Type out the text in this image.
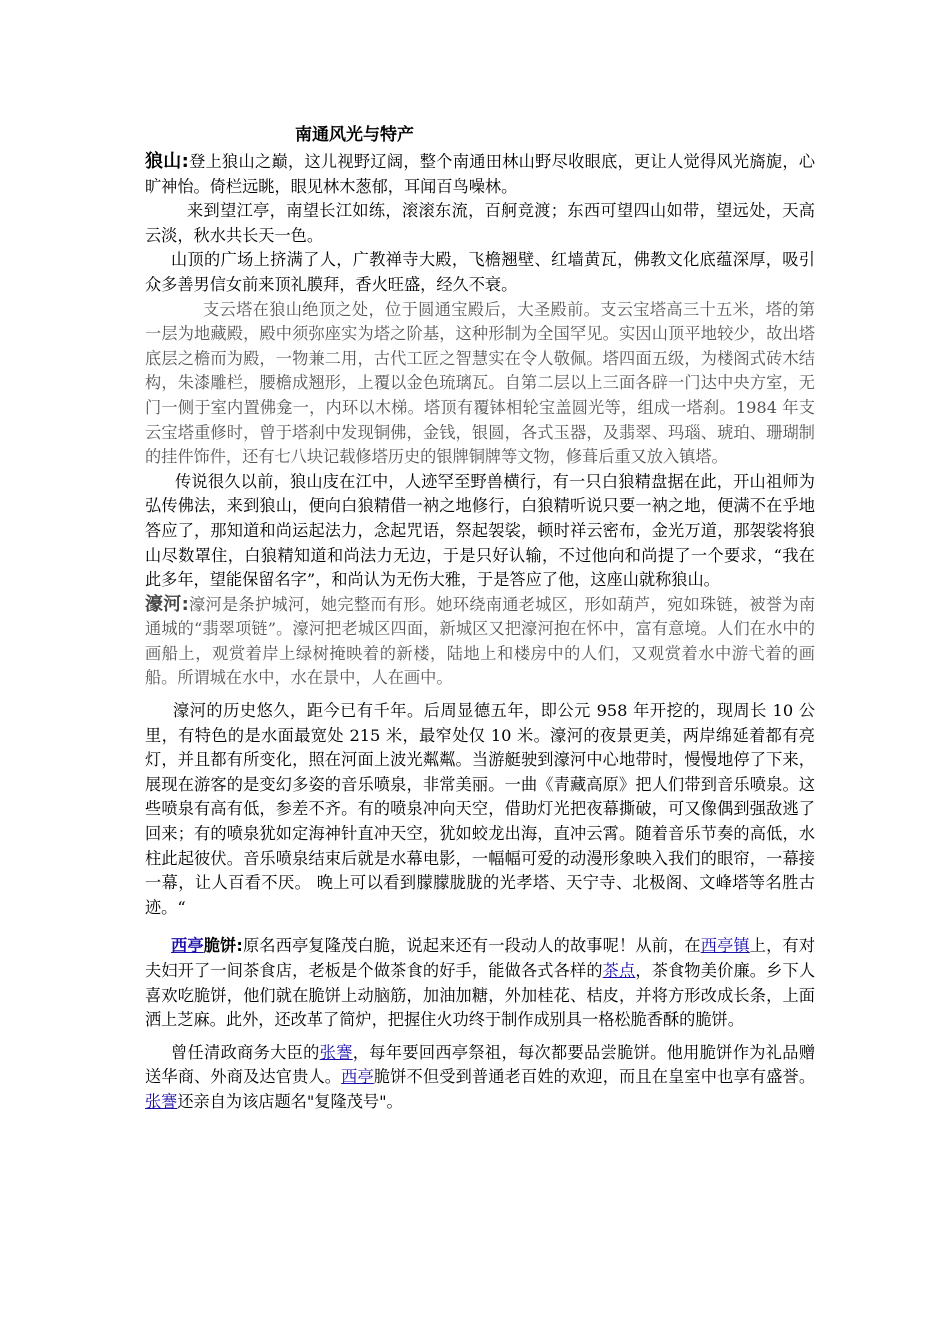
南通风光与特产

狼山:登上狼山之巅，这儿视野辽阔，整个南通田林山野尽收眼底，更让人觉得风光旖旎，心旷神怡。倚栏远眺，眼见林木葱郁，耳闻百鸟噪林。

来到望江亭，南望长江如练，滚滚东流，百舸竞渡；东西可望四山如带，望远处，天高云淡，秋水共长天一色。

山顶的广场上挤满了人，广教禅寺大殿，飞檐翘壁、红墙黄瓦，佛教文化底蕴深厚，吸引众多善男信女前来顶礼膜拜，香火旺盛，经久不衰。

支云塔在狼山绝顶之处，位于圆通宝殿后，大圣殿前。支云宝塔高三十五米，塔的第一层为地藏殿，殿中须弥座实为塔之阶基，这种形制为全国罕见。实因山顶平地较少，故出塔底层之檐而为殿，一物兼二用，古代工匠之智慧实在令人敬佩。塔四面五级，为楼阁式砖木结构，朱漆雕栏，腰檐成翘形，上覆以金色琉璃瓦。自第二层以上三面各辟一门达中央方室，无门一侧于室内置佛龛一，内环以木梯。塔顶有覆钵相轮宝盖圆光等，组成一塔刹。1984 年支云宝塔重修时，曾于塔刹中发现铜佛，金钱，银圆，各式玉器，及翡翠、玛瑙、琥珀、珊瑚制的挂件饰件，还有七八块记载修塔历史的银牌铜牌等文物，修葺后重又放入镇塔。

传说很久以前，狼山庋在江中，人迹罕至野兽横行，有一只白狼精盘据在此，开山祖师为弘传佛法，来到狼山，便向白狼精借一衲之地修行，白狼精听说只要一衲之地，便满不在乎地答应了，那知道和尚运起法力，念起咒语，祭起袈裟，顿时祥云密布，金光万道，那袈裟将狼山尽数罩住，白狼精知道和尚法力无边，于是只好认输，不过他向和尚提了一个要求，“我在此多年，望能保留名字”，和尚认为无伤大雅，于是答应了他，这座山就称狼山。

濠河:濠河是条护城河，她完整而有形。她环绕南通老城区，形如葫芦，宛如珠链，被誉为南通城的“翡翠项链”。濠河把老城区四面，新城区又把濠河抱在怀中，富有意境。人们在水中的画船上，观赏着岸上绿树掩映着的新楼，陆地上和楼房中的人们，又观赏着水中游弋着的画船。所谓城在水中，水在景中，人在画中。

濠河的历史悠久，距今已有千年。后周显德五年，即公元 958 年开挖的，现周长 10 公里，有特色的是水面最宽处 215 米，最窄处仅 10 米。濠河的夜景更美，两岸绵延着都有亮灯，并且都有所变化，照在河面上波光粼粼。当游艇驶到濠河中心地带时，慢慢地停了下来，展现在游客的是变幻多姿的音乐喷泉，非常美丽。一曲《青藏高原》把人们带到音乐喷泉。这些喷泉有高有低，参差不齐。有的喷泉冲向天空，借助灯光把夜幕撕破，可又像偶到强敌逃了回来；有的喷泉犹如定海神针直冲天空，犹如蛟龙出海，直冲云霄。随着音乐节奏的高低，水柱此起彼伏。音乐喷泉结束后就是水幕电影，一幅幅可爱的动漫形象映入我们的眼帘，一幕接一幕，让人百看不厌。 晚上可以看到朦朦胧胧的光孝塔、天宁寺、北极阁、文峰塔等名胜古迹。“

西亭脆饼:原名西亭复隆茂白脆，说起来还有一段动人的故事呢！从前，在西亭镇上，有对夫妇开了一间茶食店，老板是个做茶食的好手，能做各式各样的茶点，茶食物美价廉。乡下人喜欢吃脆饼，他们就在脆饼上动脑筋，加油加糖，外加桂花、桔皮，并将方形改成长条，上面洒上芝麻。此外，还改革了简炉，把握住火功终于制作成别具一格松脆香酥的脆饼。

曾任清政商务大臣的张謇，每年要回西亭祭祖，每次都要品尝脆饼。他用脆饼作为礼品赠送华商、外商及达官贵人。西亭脆饼不但受到普通老百姓的欢迎，而且在皇室中也享有盛誉。张謇还亲自为该店题名"复隆茂号"。
